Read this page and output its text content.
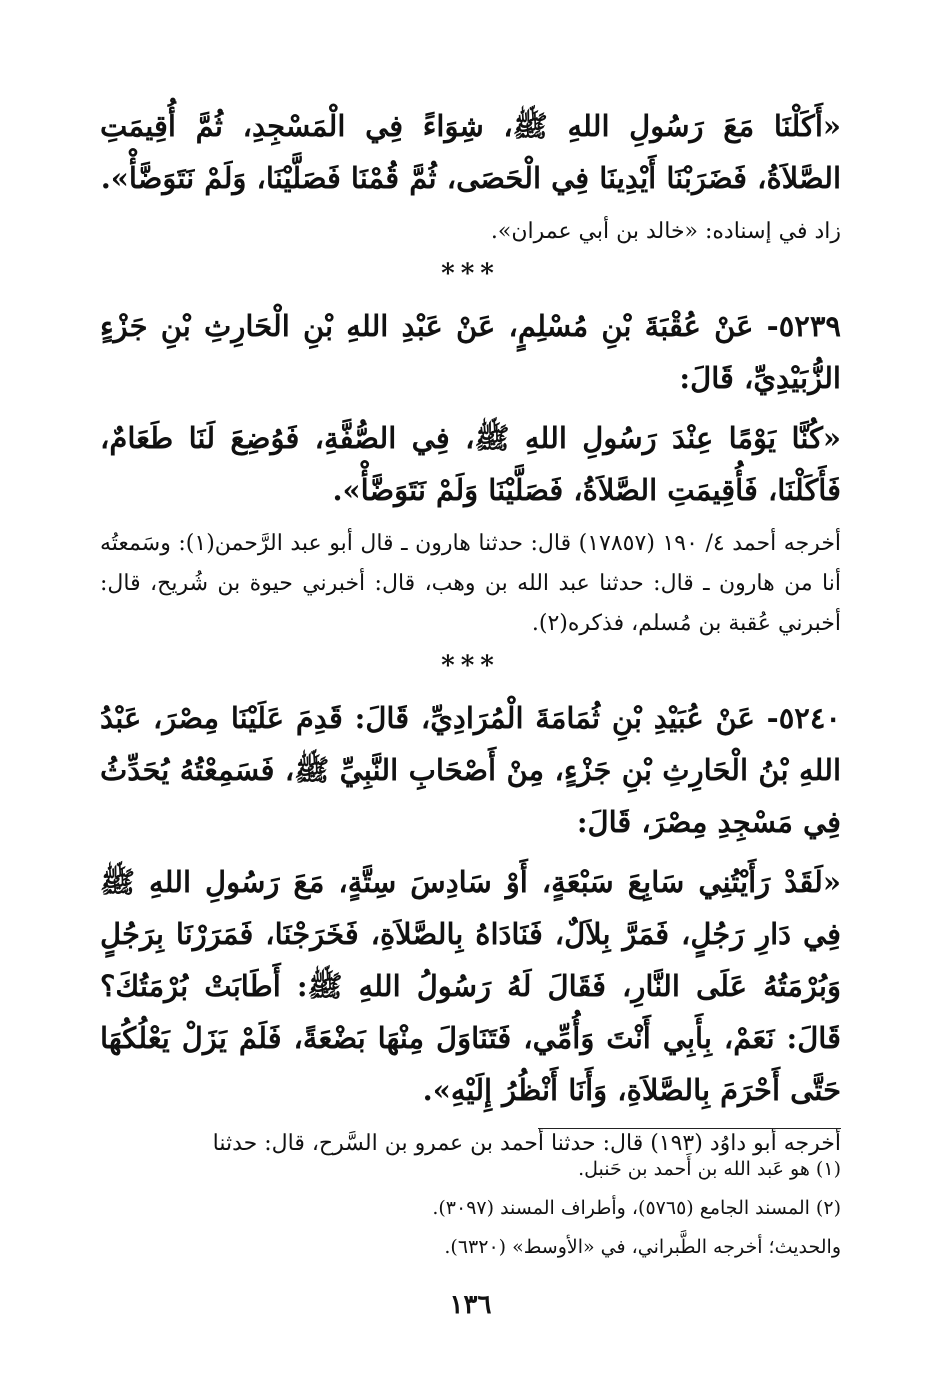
«أَكَلْنَا مَعَ رَسُولِ اللهِ ﷺ، شِوَاءً فِي الْمَسْجِدِ، ثُمَّ أُقِيمَتِ الصَّلاَةُ، فَضَرَبْنَا أَيْدِينَا فِي الْحَصَى، ثُمَّ قُمْنَا فَصَلَّيْنَا، وَلَمْ نَتَوَضَّأْ».

زاد في إسناده: «خالد بن أبي عمران».

***

٥٢٣٩- عَنْ عُقْبَةَ بْنِ مُسْلِمٍ، عَنْ عَبْدِ اللهِ بْنِ الْحَارِثِ بْنِ جَزْءٍ الزُّبَيْدِيِّ، قَالَ:

«كُنَّا يَوْمًا عِنْدَ رَسُولِ اللهِ ﷺ، فِي الصُّفَّةِ، فَوُضِعَ لَنَا طَعَامٌ، فَأَكَلْنَا، فَأُقِيمَتِ الصَّلاَةُ، فَصَلَّيْنَا وَلَمْ نَتَوَضَّأْ».

أخرجه أحمد ٤/ ١٩٠ (١٧٨٥٧) قال: حدثنا هارون ـ قال أبو عبد الرَّحمن(١): وسَمعتُه أنا من هارون ـ قال: حدثنا عبد الله بن وهب، قال: أخبرني حيوة بن شُريح، قال: أخبرني عُقبة بن مُسلم، فذكره(٢).

***

٥٢٤٠- عَنْ عُبَيْدِ بْنِ ثُمَامَةَ الْمُرَادِيِّ، قَالَ: قَدِمَ عَلَيْنَا مِصْرَ، عَبْدُ اللهِ بْنُ الْحَارِثِ بْنِ جَزْءٍ، مِنْ أَصْحَابِ النَّبِيِّ ﷺ، فَسَمِعْتُهُ يُحَدِّثُ فِي مَسْجِدِ مِصْرَ، قَالَ:

«لَقَدْ رَأَيْتُنِي سَابِعَ سَبْعَةٍ، أَوْ سَادِسَ سِتَّةٍ، مَعَ رَسُولِ اللهِ ﷺ فِي دَارِ رَجُلٍ، فَمَرَّ بِلاَلٌ، فَنَادَاهُ بِالصَّلاَةِ، فَخَرَجْنَا، فَمَرَرْنَا بِرَجُلٍ وَبُرْمَتُهُ عَلَى النَّارِ، فَقَالَ لَهُ رَسُولُ اللهِ ﷺ: أَطَابَتْ بُرْمَتُكَ؟ قَالَ: نَعَمْ، بِأَبِي أَنْتَ وَأُمِّي، فَتَنَاوَلَ مِنْهَا بَضْعَةً، فَلَمْ يَزَلْ يَعْلُكُهَا حَتَّى أَحْرَمَ بِالصَّلاَةِ، وَأَنَا أَنْظُرُ إِلَيْهِ».

أخرجه أبو داوُد (١٩٣) قال: حدثنا أحمد بن عمرو بن السَّرح، قال: حدثنا

(١) هو عَبد الله بن أَحمد بن حَنبل.

(٢) المسند الجامع (٥٧٦٥)، وأطراف المسند (٣٠٩٧).

والحديث؛ أخرجه الطَّبراني، في «الأوسط» (٦٣٢٠).

١٣٦
